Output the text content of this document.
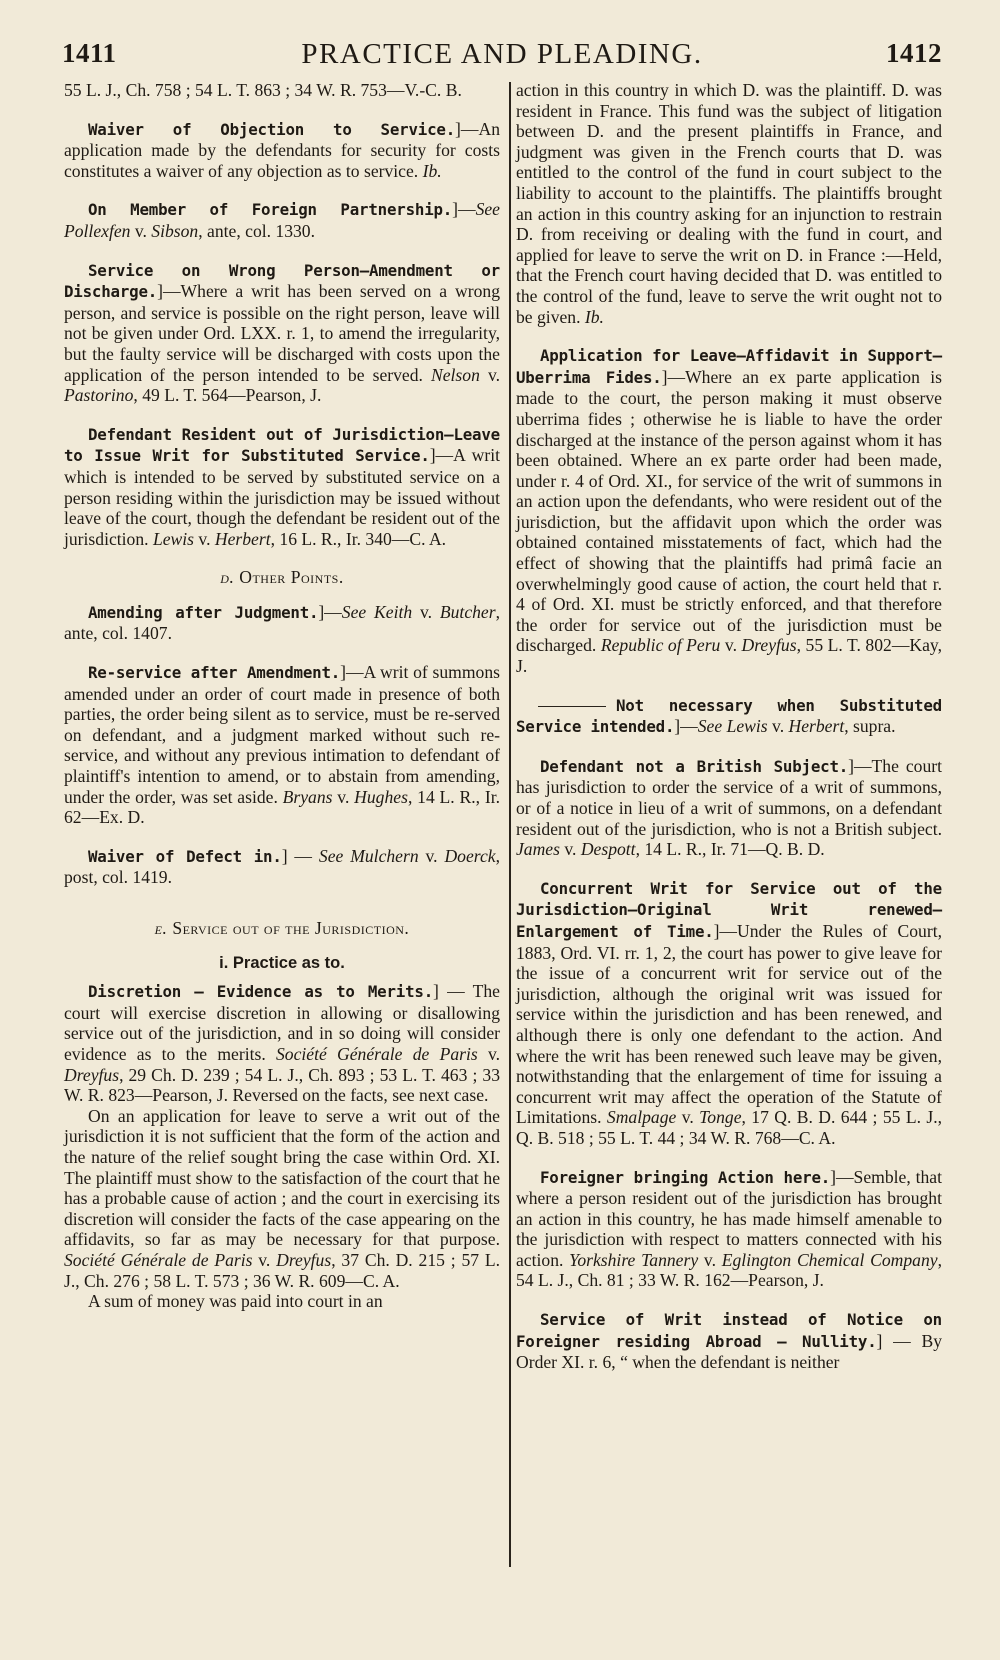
PRACTICE AND PLEADING.
1411	1412

55 L. J., Ch. 758 ; 54 L. T. 863 ; 34 W. R. 753—V.-C. B.

Waiver of Objection to Service.]—An application made by the defendants for security for costs constitutes a waiver of any objection as to service. Ib.

On Member of Foreign Partnership.]—See Pollexfen v. Sibson, ante, col. 1330.

Service on Wrong Person—Amendment or Discharge.]—Where a writ has been served on a wrong person, and service is possible on the right person, leave will not be given under Ord. LXX. r. 1, to amend the irregularity, but the faulty service will be discharged with costs upon the application of the person intended to be served. Nelson v. Pastorino, 49 L. T. 564—Pearson, J.

Defendant Resident out of Jurisdiction—Leave to Issue Writ for Substituted Service.]—A writ which is intended to be served by substituted service on a person residing within the jurisdiction may be issued without leave of the court, though the defendant be resident out of the jurisdiction. Lewis v. Herbert, 16 L. R., Ir. 340—C. A.

d. Other Points.

Amending after Judgment.]—See Keith v. Butcher, ante, col. 1407.

Re-service after Amendment.]—A writ of summons amended under an order of court made in presence of both parties, the order being silent as to service, must be re-served on defendant, and a judgment marked without such re-service, and without any previous intimation to defendant of plaintiff's intention to amend, or to abstain from amending, under the order, was set aside. Bryans v. Hughes, 14 L. R., Ir. 62—Ex. D.

Waiver of Defect in.] — See Mulchern v. Doerck, post, col. 1419.

e. Service out of the Jurisdiction.

i. Practice as to.

Discretion — Evidence as to Merits.] — The court will exercise discretion in allowing or disallowing service out of the jurisdiction, and in so doing will consider evidence as to the merits. Société Générale de Paris v. Dreyfus, 29 Ch. D. 239 ; 54 L. J., Ch. 893 ; 53 L. T. 463 ; 33 W. R. 823—Pearson, J. Reversed on the facts, see next case.

On an application for leave to serve a writ out of the jurisdiction it is not sufficient that the form of the action and the nature of the relief sought bring the case within Ord. XI. The plaintiff must show to the satisfaction of the court that he has a probable cause of action ; and the court in exercising its discretion will consider the facts of the case appearing on the affidavits, so far as may be necessary for that purpose. Société Générale de Paris v. Dreyfus, 37 Ch. D. 215 ; 57 L. J., Ch. 276 ; 58 L. T. 573 ; 36 W. R. 609—C. A.

A sum of money was paid into court in an

action in this country in which D. was the plaintiff. D. was resident in France. This fund was the subject of litigation between D. and the present plaintiffs in France, and judgment was given in the French courts that D. was entitled to the control of the fund in court subject to the liability to account to the plaintiffs. The plaintiffs brought an action in this country asking for an injunction to restrain D. from receiving or dealing with the fund in court, and applied for leave to serve the writ on D. in France :—Held, that the French court having decided that D. was entitled to the control of the fund, leave to serve the writ ought not to be given. Ib.

Application for Leave—Affidavit in Support—Uberrima Fides.]—Where an ex parte application is made to the court, the person making it must observe uberrima fides ; otherwise he is liable to have the order discharged at the instance of the person against whom it has been obtained. Where an ex parte order had been made, under r. 4 of Ord. XI., for service of the writ of summons in an action upon the defendants, who were resident out of the jurisdiction, but the affidavit upon which the order was obtained contained misstatements of fact, which had the effect of showing that the plaintiffs had primâ facie an overwhelmingly good cause of action, the court held that r. 4 of Ord. XI. must be strictly enforced, and that therefore the order for service out of the jurisdiction must be discharged. Republic of Peru v. Dreyfus, 55 L. T. 802—Kay, J.

Not necessary when Substituted Service intended.]—See Lewis v. Herbert, supra.

Defendant not a British Subject.]—The court has jurisdiction to order the service of a writ of summons, or of a notice in lieu of a writ of summons, on a defendant resident out of the jurisdiction, who is not a British subject. James v. Despott, 14 L. R., Ir. 71—Q. B. D.

Concurrent Writ for Service out of the Jurisdiction—Original Writ renewed—Enlargement of Time.]—Under the Rules of Court, 1883, Ord. VI. rr. 1, 2, the court has power to give leave for the issue of a concurrent writ for service out of the jurisdiction, although the original writ was issued for service within the jurisdiction and has been renewed, and although there is only one defendant to the action. And where the writ has been renewed such leave may be given, notwithstanding that the enlargement of time for issuing a concurrent writ may affect the operation of the Statute of Limitations. Smalpage v. Tonge, 17 Q. B. D. 644 ; 55 L. J., Q. B. 518 ; 55 L. T. 44 ; 34 W. R. 768—C. A.

Foreigner bringing Action here.]—Semble, that where a person resident out of the jurisdiction has brought an action in this country, he has made himself amenable to the jurisdiction with respect to matters connected with his action. Yorkshire Tannery v. Eglington Chemical Company, 54 L. J., Ch. 81 ; 33 W. R. 162—Pearson, J.

Service of Writ instead of Notice on Foreigner residing Abroad — Nullity.] — By Order XI. r. 6, “ when the defendant is neither
